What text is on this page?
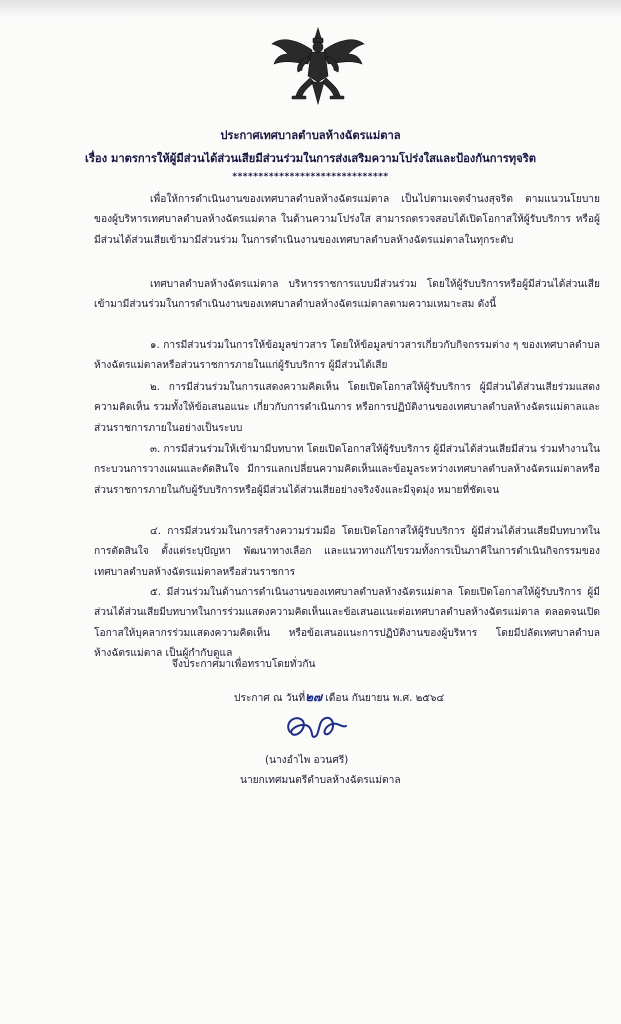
ประกาศเทศบาลตำบลห้างฉัตรแม่ตาล
เรื่อง มาตรการให้ผู้มีส่วนได้ส่วนเสียมีส่วนร่วมในการส่งเสริมความโปร่งใสและป้องกันการทุจริต
******************************
เพื่อให้การดำเนินงานของเทศบาลตำบลห้างฉัตรแม่ตาล เป็นไปตามเจตจำนงสุจริต ตามแนวนโยบายของผู้บริหารเทศบาลตำบลห้างฉัตรแม่ตาล ในด้านความโปร่งใส สามารถตรวจสอบได้เปิดโอกาสให้ผู้รับบริการ หรือผู้มีส่วนได้ส่วนเสียเข้ามามีส่วนร่วม ในการดำเนินงานของเทศบาลตำบลห้างฉัตรแม่ตาลในทุกระดับ
เทศบาลตำบลห้างฉัตรแม่ตาล บริหารราชการแบบมีส่วนร่วม โดยให้ผู้รับบริการหรือผู้มีส่วนได้ส่วนเสียเข้ามามีส่วนร่วมในการดำเนินงานของเทศบาลตำบลห้างฉัตรแม่ตาลตามความเหมาะสม ดังนี้
๑. การมีส่วนร่วมในการให้ข้อมูลข่าวสาร โดยให้ข้อมูลข่าวสารเกี่ยวกับกิจกรรมต่าง ๆ ของเทศบาลตำบลห้างฉัตรแม่ตาลหรือส่วนราชการภายในแก่ผู้รับบริการ ผู้มีส่วนได้เสีย
๒. การมีส่วนร่วมในการแสดงความคิดเห็น โดยเปิดโอกาสให้ผู้รับบริการ ผู้มีส่วนได้ส่วนเสียร่วมแสดงความคิดเห็น รวมทั้งให้ข้อเสนอแนะ เกี่ยวกับการดำเนินการ หรือการปฏิบัติงานของเทศบาลตำบลห้างฉัตรแม่ตาลและส่วนราชการภายในอย่างเป็นระบบ
๓. การมีส่วนร่วมให้เข้ามามีบทบาท โดยเปิดโอกาสให้ผู้รับบริการ ผู้มีส่วนได้ส่วนเสียมีส่วน ร่วมทำงานในกระบวนการวางแผนและตัดสินใจ มีการแลกเปลี่ยนความคิดเห็นและข้อมูลระหว่างเทศบาลตำบลห้างฉัตรแม่ตาลหรือส่วนราชการภายในกับผู้รับบริการหรือผู้มีส่วนได้ส่วนเสียอย่างจริงจังและมีจุดมุ่ง หมายที่ชัดเจน
๔. การมีส่วนร่วมในการสร้างความร่วมมือ โดยเปิดโอกาสให้ผู้รับบริการ ผู้มีส่วนได้ส่วนเสียมีบทบาทในการตัดสินใจ ตั้งแต่ระบุปัญหา พัฒนาทางเลือก และแนวทางแก้ไขรวมทั้งการเป็นภาคีในการดำเนินกิจกรรมของเทศบาลตำบลห้างฉัตรแม่ตาลหรือส่วนราชการ
๕. มีส่วนร่วมในด้านการดำเนินงานของเทศบาลตำบลห้างฉัตรแม่ตาล โดยเปิดโอกาสให้ผู้รับบริการ ผู้มีส่วนได้ส่วนเสียมีบทบาทในการร่วมแสดงความคิดเห็นและข้อเสนอแนะต่อเทศบาลตำบลห้างฉัตรแม่ตาล ตลอดจนเปิดโอกาสให้บุคลากรร่วมแสดงความคิดเห็น หรือข้อเสนอแนะการปฏิบัติงานของผู้บริหาร โดยมีปลัดเทศบาลตำบลห้างฉัตรแม่ตาล เป็นผู้กำกับดูแล
จึงประกาศมาเพื่อทราบโดยทั่วกัน
ประกาศ ณ วันที่๒๗ เดือน กันยายน พ.ศ. ๒๕๖๔
(นางอำไพ อวนศรี)
นายกเทศมนตรีตำบลห้างฉัตรแม่ตาล
